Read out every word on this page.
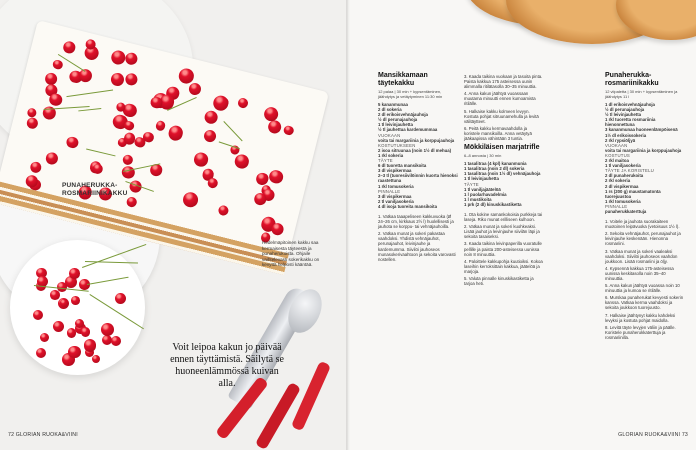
PUNAHERUKKA-
ROSMARIINIKAKKU
Hedelmäpitoinen kakku saa kermaisesta täyteestä ja punaherukoista. Ohjaile vaihtelevasti sokerikakku on kevyttä helposti kääntää.
Voit leipoa kakun jo päivää ennen täyttämistä. Säilytä se huoneenlämmössä kuivan alla.
72 GLORIAN RUOKA&VIINI
Mansikkamaan täytekakku
12 palaa | 30 min + kypsentäminen, jäähdytys ja vetäytyminen 11:30 min
5 kananmunaa
2 dl sokeria
2 dl erikoisvehnäjauhoja
½ dl perunajauhoja
1 tl leivinjauhetta
½ tl jauhettua kardemummaa
VUOKAAN
voita tai margariinia ja korppujauhoja
KOSTUTUKSEEN
2 isoa sitruunaa (noin 1½ dl mehua)
1 rkl sokeria
TÄYTE
6 dl tuoretta mansikoita
3 dl vispikermaa
2–3 tl (tuoresiivilöinnin kuorta hienoksi raastettuna
1 rkl tomusokeria
PINNALLE
3 dl vispikermaa
2 tl vaniljasokeria
4 dl isoja tuoreita mansikoita

1. Vatkaa taaapeliseen kakkuvuoka (Ø 24–26 cm, kirkkaus 2½ l) huolellisesti ja jauhota se korppu- tai vehnäjauhoilla.

2. Vatkaa munat ja sokeri pakastaa vaahdoksi. Yhdistä vehnäjauhot, perunajauhot, leivinjauhe ja kardemumma. Siivilöi jauhoseos munasokerivaahtoon ja sekoita varovasti nostellen.

3. Kaada taikina vuokaan ja tasoita pinta. Paista kakkua 175 asteisessa uunin alimmalla ritilätasolla 30–35 minuuttia.

4. Anna kakun jäähtyä vuoassaan muutama minuutti ennen kumoamista ritilälle.

5. Halkaise kakku kolmeen levyyn. Kostuta pohjat sitruunamehulla ja levitä välitäytteet.

6. Peitä kakku kermavaahdolla ja koristele mansikoilla. Anna vetäytyä jääkaapissa vähintään 3 tuntia.

Mökkiläisen marjatrifle
6–8 annosta | 30 min
1 tasalitraa (4 kpl) kananmunia
1 tasalitraa (noin 2 dl) sokeria
1 tasalitraa (noin 1½ dl) vehnäjauhoja
1 tl leivinjauhetta
TÄYTE
1 tl vaniljajäätelöä
1 l puolarhavadelmia
1 l mustikoita
1 prk (2 dl) kinuskikastiketta

1. Ota kokine samankokoisia purkkeja tai laseja. Riko munat erilliseen kulhoon.

2. Vatkaa munat ja sokeri kuohkeaksi. Lisää jauhot ja leivinjauhe siivilän läpi ja sekoita tasaiseksi.

3. Kaada taikina leivinpaperilla vuoratulle pellille ja paista 200-asteisessa uunissa noin 8 minuuttia.

4. Paloittele kakkupohja kuutioiksi. Kokoa laseihin kerroksittain kakkua, jäätelöä ja marjoja.

5. Valuta pinnalle kinuskikastiketta ja tarjoa heti.

Punaherukka-rosmariinikakku
12 viipaletta | 30 min + kypsentäminen ja jäähdytys 11 l
1 dl erikoisvehnäjauhoja
½ dl perunajauhoja
½ tl leivinjauhetta
1 rkl tuoretta rosmariinia hienonnettuna
3 kananmunaa huoneenlämpöisenä
1½ dl erikoissokeria
2 rkl rypsiöljyä
VUOKAAN
voita tai margariinia ja korppujauhoja
KOSTUTUS
2 rkl maitoa
1 tl vaniljasokeria
TÄYTE JA KORISTELU
2 dl punaherukoita
2 rkl sokeria
2 dl vispikermaa
1 rs (200 g) maustamatonta tuorejuustoa
1 rkl tomusokeria
PINNALLE
punaherukkaterttuja

1. Voitele ja jauhota suorakaiteen muotoinen leipävuoka (vetoisuus 1½ l).

2. Sekoita vehnäjauhot, perunajauhot ja leivinjauhe keskenään. Hienonna rosmariini.

3. Vatkaa munat ja sokeri vaaleaksi vaahdoksi. Siivilöi jauhoseos vaahdon joukkoon. Lisää rosmariini ja öljy.

4. Kypsennä kakkua 175-asteisessa uunissa keskitasolla noin 35–40 minuuttia.

5. Anna kakun jäähtyä vuoassa noin 10 minuuttia ja kumoa se ritilälle.

6. Murskaa punaherukat kevyesti sokerin kanssa. Vatkaa kerma vaahdoksi ja sekoita joukkoon tuorejuusto.

7. Halkaise jäähtynyt kakku kahdeksi levyksi ja kostuta pohjat maidolla.

8. Levitä täyte levyjen väliin ja päälle. Koristele punaherukkaterttuja ja rosmariinilla.

GLORIAN RUOKA&VIINI 73
